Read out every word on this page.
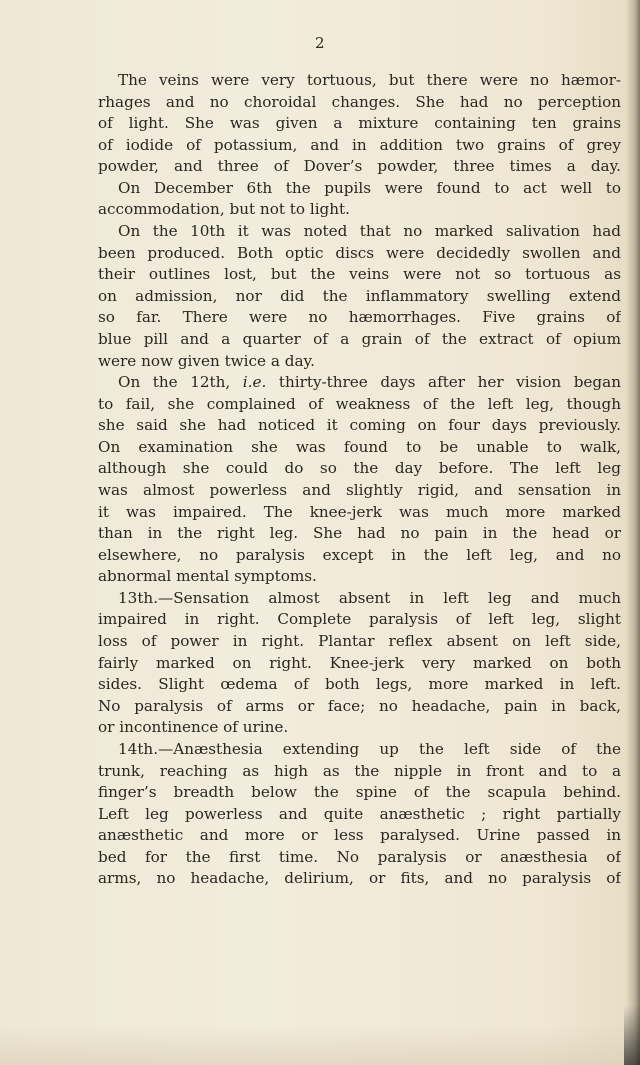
2
The veins were very tortuous, but there were no hæmor-
rhages and no choroidal changes. She had no perception
of light. She was given a mixture containing ten grains
of iodide of potassium, and in addition two grains of grey
powder, and three of Dover’s powder, three times a day.
On December 6th the pupils were found to act well to
accommodation, but not to light.
On the 10th it was noted that no marked salivation had
been produced. Both optic discs were decidedly swollen and
their outlines lost, but the veins were not so tortuous as
on admission, nor did the inflammatory swelling extend
so far. There were no hæmorrhages. Five grains of
blue pill and a quarter of a grain of the extract of opium
were now given twice a day.
On the 12th, i.e. thirty-three days after her vision began
to fail, she complained of weakness of the left leg, though
she said she had noticed it coming on four days previously.
On examination she was found to be unable to walk,
although she could do so the day before. The left leg
was almost powerless and slightly rigid, and sensation in
it was impaired. The knee-jerk was much more marked
than in the right leg. She had no pain in the head or
elsewhere, no paralysis except in the left leg, and no
abnormal mental symptoms.
13th.—Sensation almost absent in left leg and much
impaired in right. Complete paralysis of left leg, slight
loss of power in right. Plantar reflex absent on left side,
fairly marked on right. Knee-jerk very marked on both
sides. Slight œdema of both legs, more marked in left.
No paralysis of arms or face; no headache, pain in back,
or incontinence of urine.
14th.—Anæsthesia extending up the left side of the
trunk, reaching as high as the nipple in front and to a
finger’s breadth below the spine of the scapula behind.
Left leg powerless and quite anæsthetic ; right partially
anæsthetic and more or less paralysed. Urine passed in
bed for the first time. No paralysis or anæsthesia of
arms, no headache, delirium, or fits, and no paralysis of
